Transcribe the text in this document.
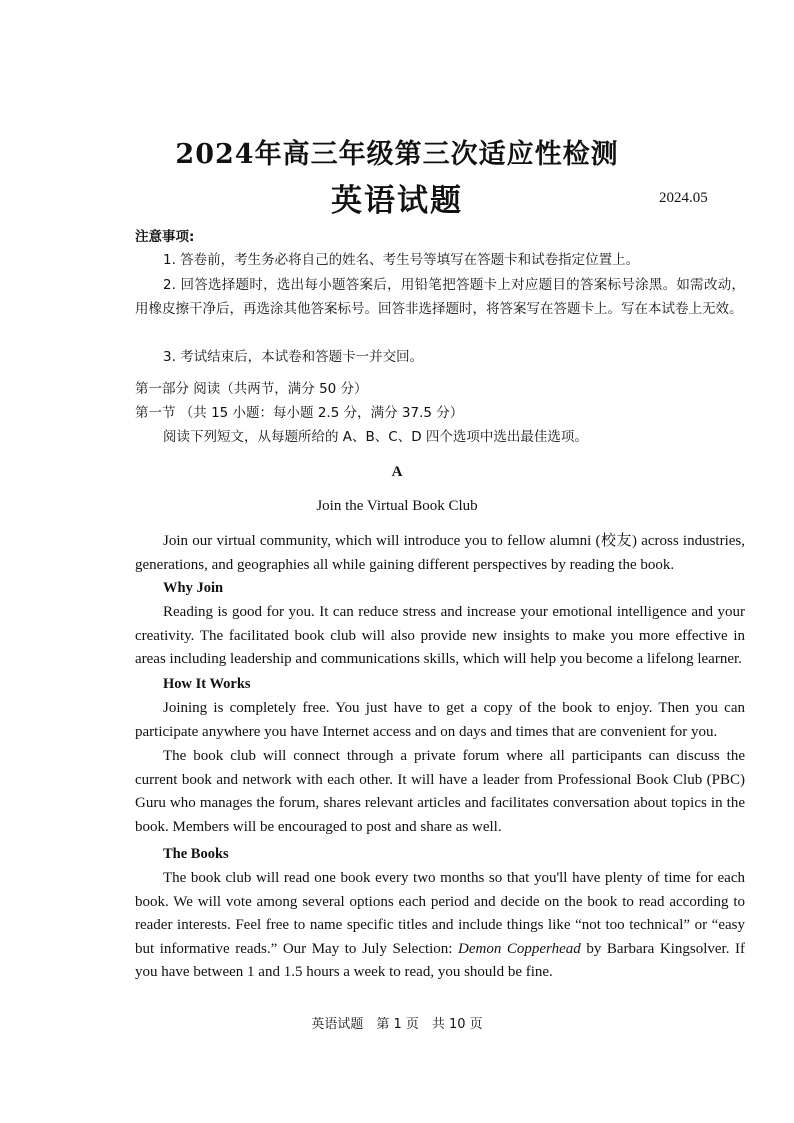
2024年高三年级第三次适应性检测
英语试题	2024.05
注意事项:
1. 答卷前，考生务必将自己的姓名、考生号等填写在答题卡和试卷指定位置上。
2. 回答选择题时，选出每小题答案后，用铅笔把答题卡上对应题目的答案标号涂黑。如需改动，用橡皮擦干净后，再选涂其他答案标号。回答非选择题时，将答案写在答题卡上。写在本试卷上无效。
3. 考试结束后，本试卷和答题卡一并交回。
第一部分 阅读（共两节，满分 50 分）
第一节 （共 15 小题：每小题 2.5 分，满分 37.5 分）
阅读下列短文，从每题所给的 A、B、C、D 四个选项中选出最佳选项。
A
Join the Virtual Book Club
Join our virtual community, which will introduce you to fellow alumni (校友) across industries, generations, and geographies all while gaining different perspectives by reading the book.
Why Join
Reading is good for you. It can reduce stress and increase your emotional intelligence and your creativity. The facilitated book club will also provide new insights to make you more effective in areas including leadership and communications skills, which will help you become a lifelong learner.
How It Works
Joining is completely free. You just have to get a copy of the book to enjoy. Then you can participate anywhere you have Internet access and on days and times that are convenient for you.
The book club will connect through a private forum where all participants can discuss the current book and network with each other. It will have a leader from Professional Book Club (PBC) Guru who manages the forum, shares relevant articles and facilitates conversation about topics in the book. Members will be encouraged to post and share as well.
The Books
The book club will read one book every two months so that you'll have plenty of time for each book. We will vote among several options each period and decide on the book to read according to reader interests. Feel free to name specific titles and include things like “not too technical” or “easy but informative reads.” Our May to July Selection: Demon Copperhead by Barbara Kingsolver. If you have between 1 and 1.5 hours a week to read, you should be fine.
英语试题　第 1 页　共 10 页
